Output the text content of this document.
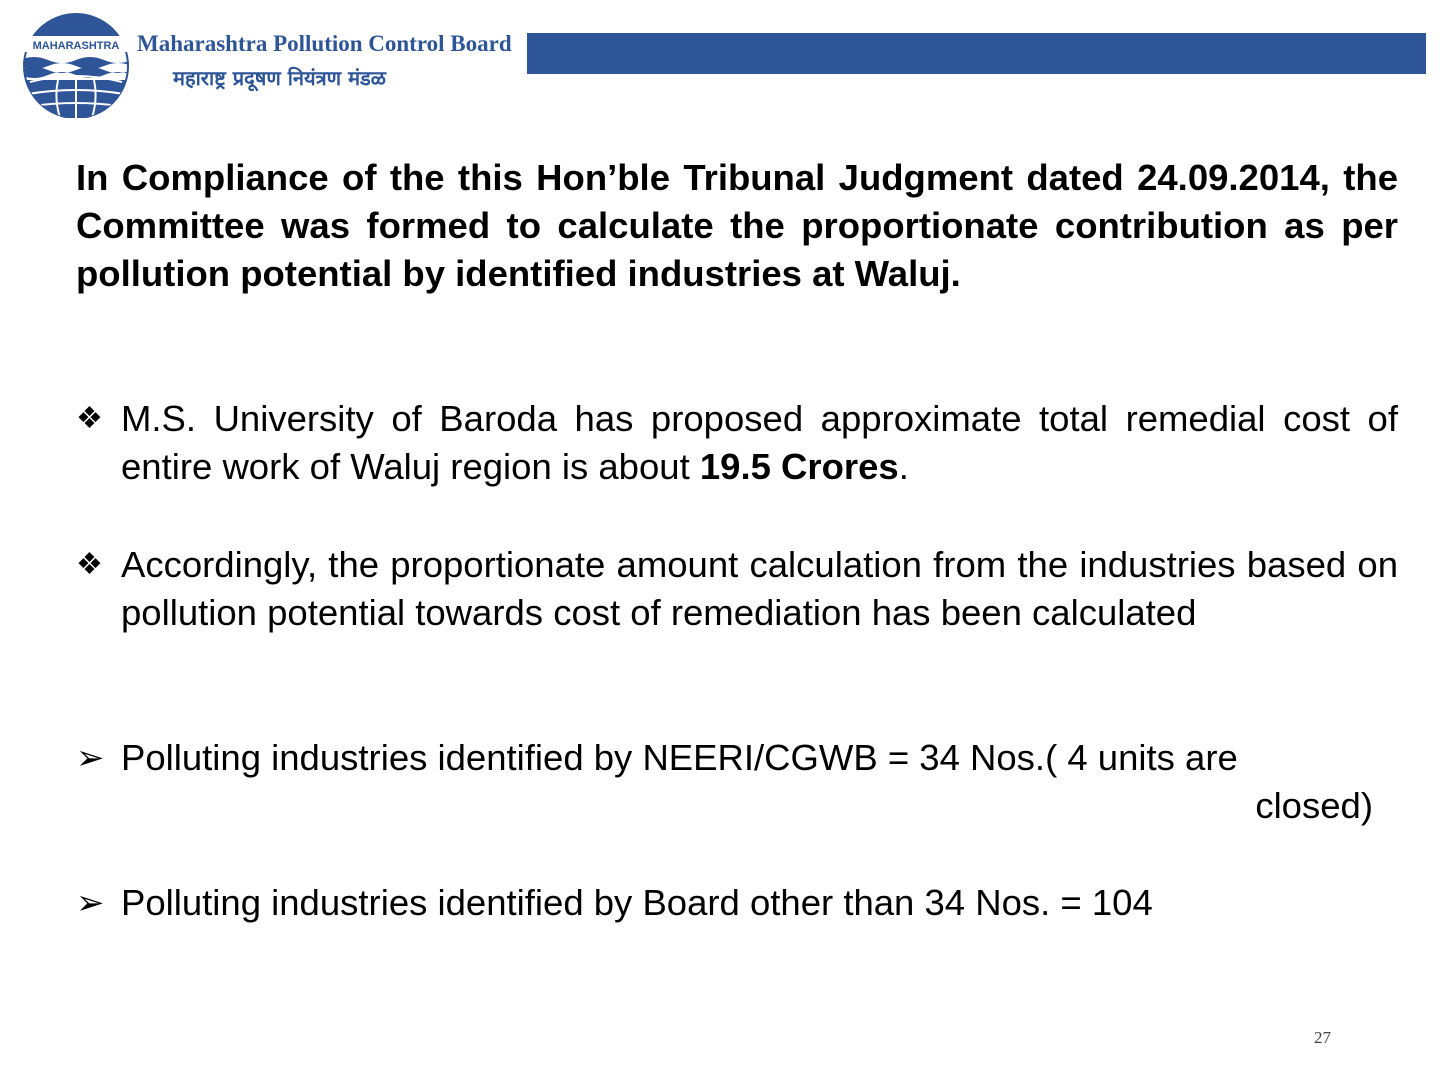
MAHARASHTRA Maharashtra Pollution Control Board
महाराष्ट्र प्रदूषण नियंत्रण मंडळ
In Compliance of the this Hon’ble Tribunal Judgment dated 24.09.2014, the Committee was formed to calculate the proportionate contribution as per pollution potential by identified industries at Waluj.
❖ M.S. University of Baroda has proposed approximate total remedial cost of entire work of Waluj region is about 19.5 Crores.
❖ Accordingly, the proportionate amount calculation from the industries based on pollution potential towards cost of remediation has been calculated
➢ Polluting industries identified by NEERI/CGWB = 34 Nos.( 4 units are
closed)
➢ Polluting industries identified by Board other than 34 Nos. = 104
27
